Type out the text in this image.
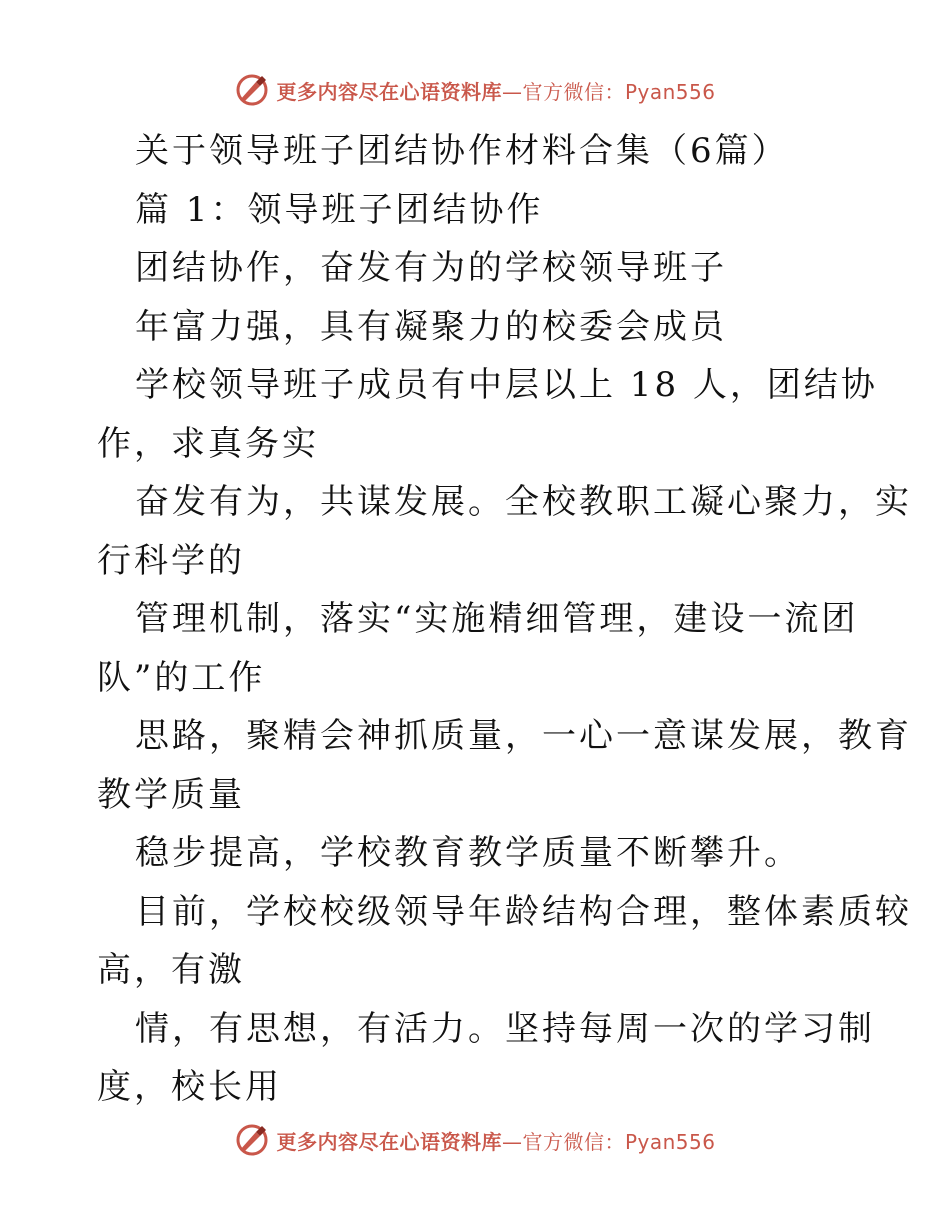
更多内容尽在心语资料库—官方微信：Pyan556

关于领导班子团结协作材料合集（6篇）

篇 1：领导班子团结协作

团结协作，奋发有为的学校领导班子

年富力强，具有凝聚力的校委会成员

学校领导班子成员有中层以上 18 人，团结协

作，求真务实

奋发有为，共谋发展。全校教职工凝心聚力，实

行科学的

管理机制，落实“实施精细管理，建设一流团

队”的工作

思路，聚精会神抓质量，一心一意谋发展，教育

教学质量

稳步提高，学校教育教学质量不断攀升。

目前，学校校级领导年龄结构合理，整体素质较

高，有激

情，有思想，有活力。坚持每周一次的学习制

度，校长用

更多内容尽在心语资料库—官方微信：Pyan556
